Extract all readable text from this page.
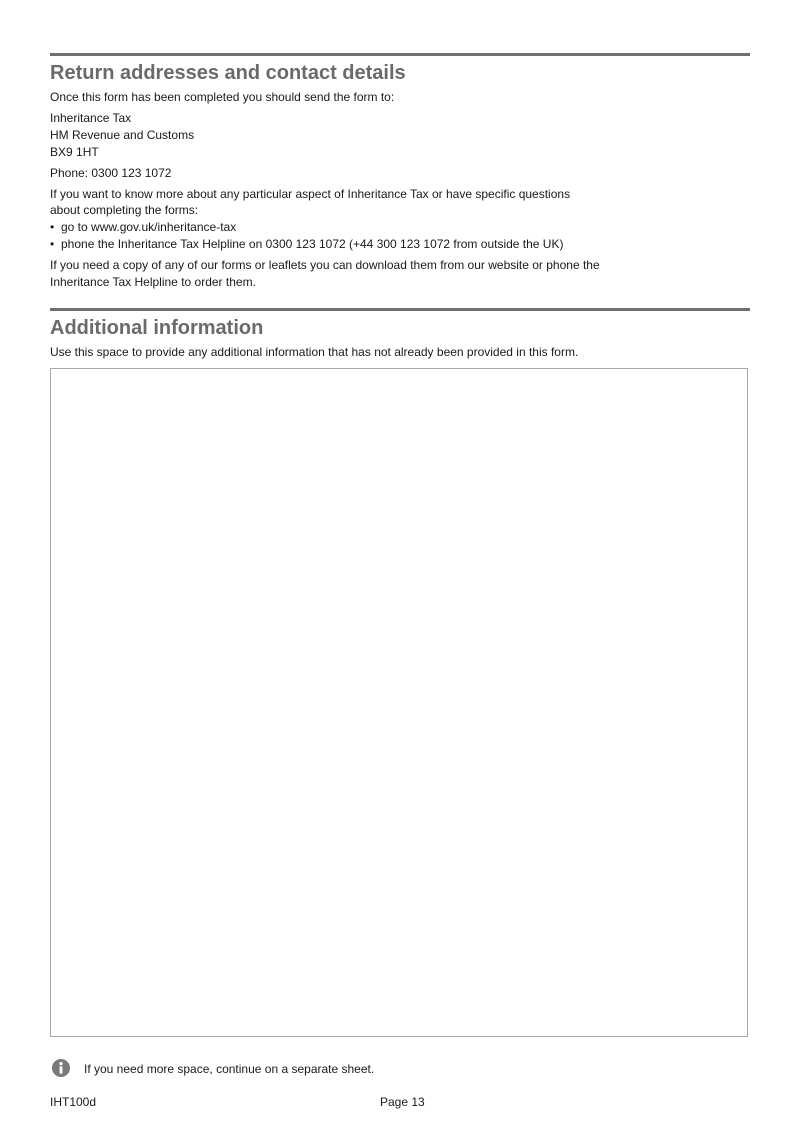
Return addresses and contact details

Once this form has been completed you should send the form to:

Inheritance Tax

HM Revenue and Customs

BX9 1HT

Phone: 0300 123 1072

If you want to know more about any particular aspect of Inheritance Tax or have specific questions

about completing the forms:

• go to www.gov.uk/inheritance-tax
• phone the Inheritance Tax Helpline on 0300 123 1072 (+44 300 123 1072 from outside the UK)

If you need a copy of any of our forms or leaflets you can download them from our website or phone the

Inheritance Tax Helpline to order them.

Additional information

Use this space to provide any additional information that has not already been provided in this form.

If you need more space, continue on a separate sheet.

IHT100d	Page 13
